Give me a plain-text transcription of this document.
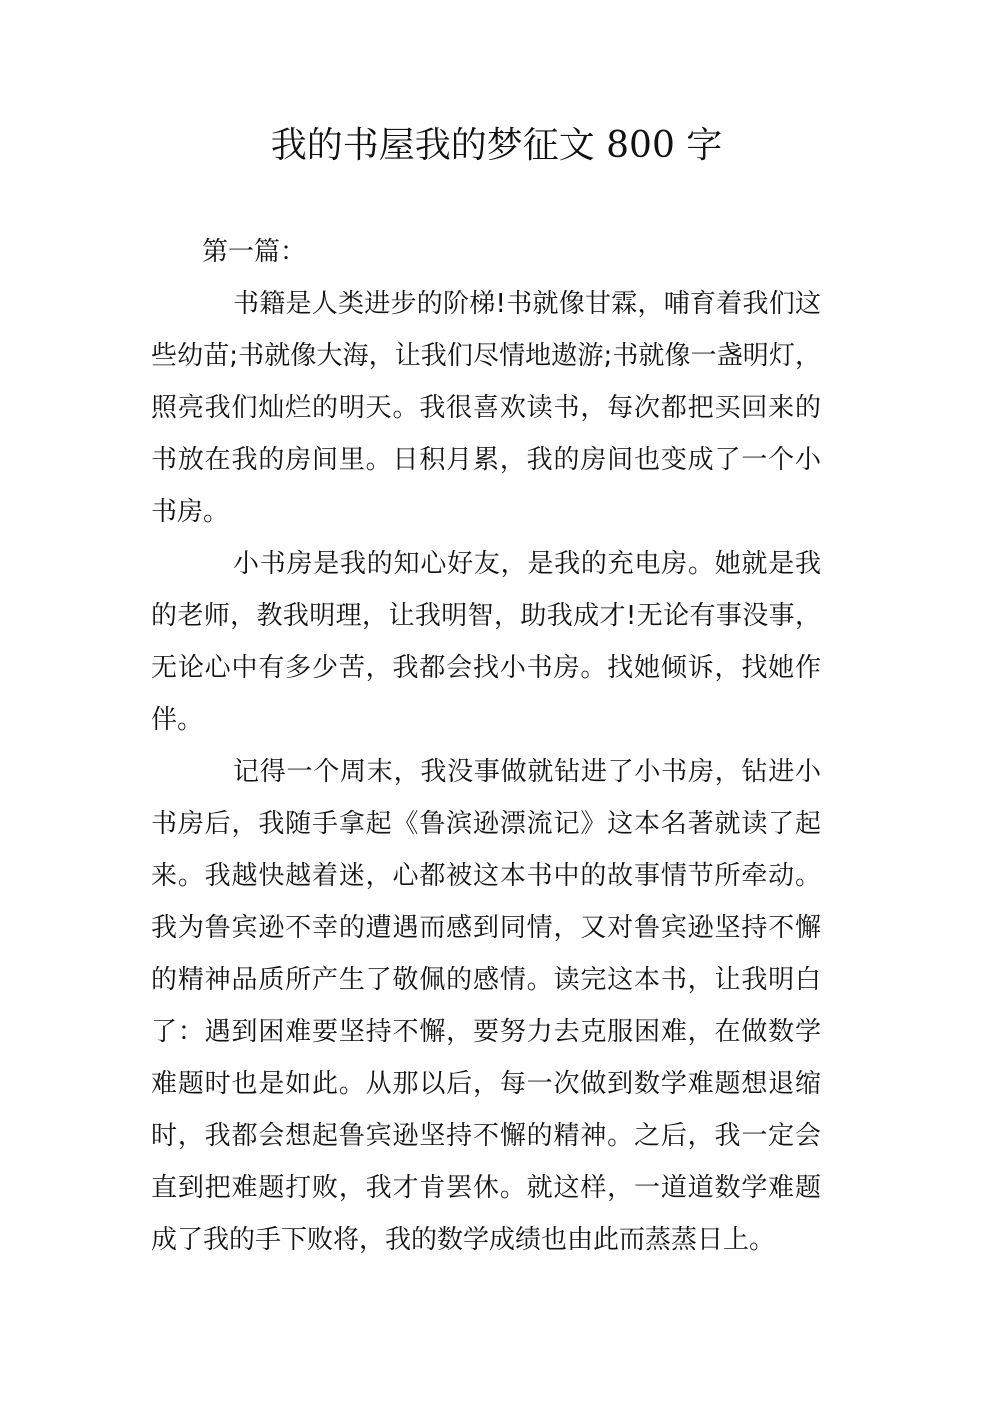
我的书屋我的梦征文 800 字
第一篇：

书籍是人类进步的阶梯!书就像甘霖，哺育着我们这些幼苗;书就像大海，让我们尽情地遨游;书就像一盏明灯，照亮我们灿烂的明天。我很喜欢读书，每次都把买回来的书放在我的房间里。日积月累，我的房间也变成了一个小书房。

小书房是我的知心好友，是我的充电房。她就是我的老师，教我明理，让我明智，助我成才!无论有事没事，无论心中有多少苦，我都会找小书房。找她倾诉，找她作伴。

记得一个周末，我没事做就钻进了小书房，钻进小书房后，我随手拿起《鲁滨逊漂流记》这本名著就读了起来。我越快越着迷，心都被这本书中的故事情节所牵动。我为鲁宾逊不幸的遭遇而感到同情，又对鲁宾逊坚持不懈的精神品质所产生了敬佩的感情。读完这本书，让我明白了：遇到困难要坚持不懈，要努力去克服困难，在做数学难题时也是如此。从那以后，每一次做到数学难题想退缩时，我都会想起鲁宾逊坚持不懈的精神。之后，我一定会直到把难题打败，我才肯罢休。就这样，一道道数学难题成了我的手下败将，我的数学成绩也由此而蒸蒸日上。
